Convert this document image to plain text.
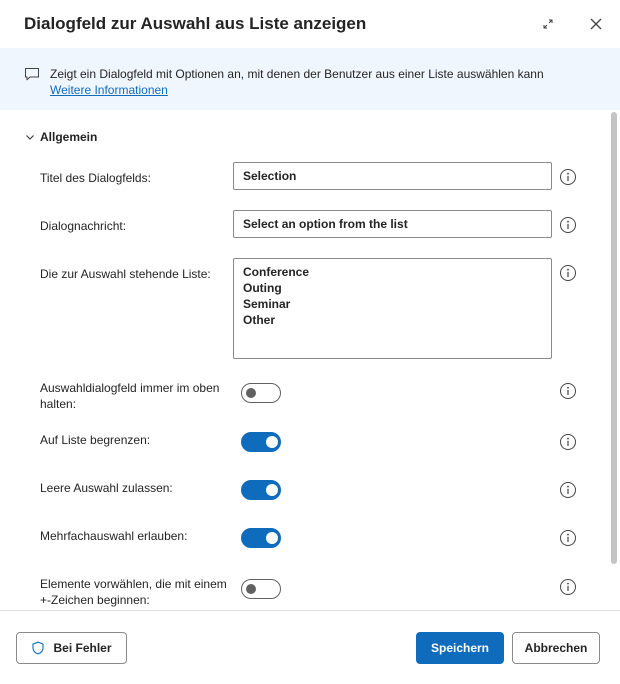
Dialogfeld zur Auswahl aus Liste anzeigen
Zeigt ein Dialogfeld mit Optionen an, mit denen der Benutzer aus einer Liste auswählen kann
Weitere Informationen
Allgemein
Titel des Dialogfelds:	Selection
Dialognachricht:	Select an option from the list
Die zur Auswahl stehende Liste:	Conference
Outing
Seminar
Other
Auswahldialogfeld immer im oben halten:
Auf Liste begrenzen:
Leere Auswahl zulassen:
Mehrfachauswahl erlauben:
Elemente vorwählen, die mit einem +-Zeichen beginnen:
Bei Fehler	Speichern	Abbrechen
